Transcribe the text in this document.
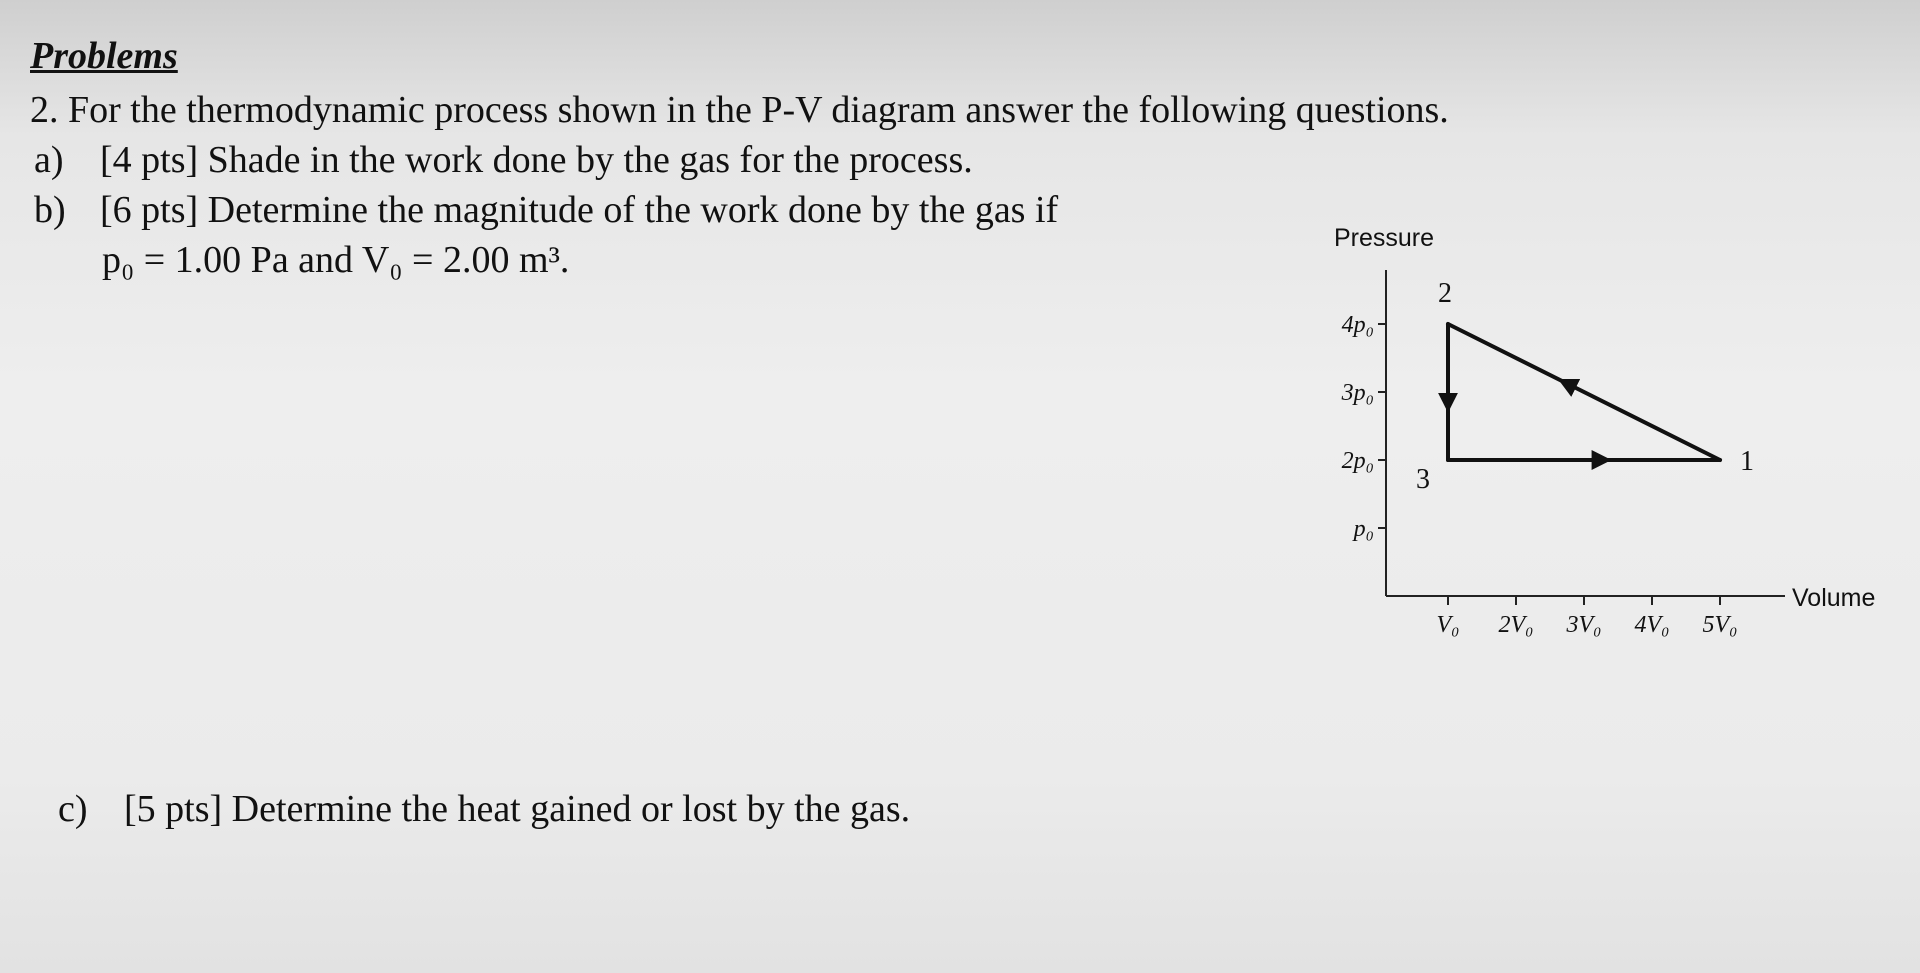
Problems
2. For the thermodynamic process shown in the P-V diagram answer the following questions.
a) [4 pts] Shade in the work done by the gas for the process.
b) [6 pts] Determine the magnitude of the work done by the gas if
p₀ = 1.00 Pa and V₀ = 2.00 m³.
c) [5 pts] Determine the heat gained or lost by the gas.
Pressure
Volume
4p₀
3p₀
2p₀
p₀
V₀ 2V₀ 3V₀ 4V₀ 5V₀
1
2
3
